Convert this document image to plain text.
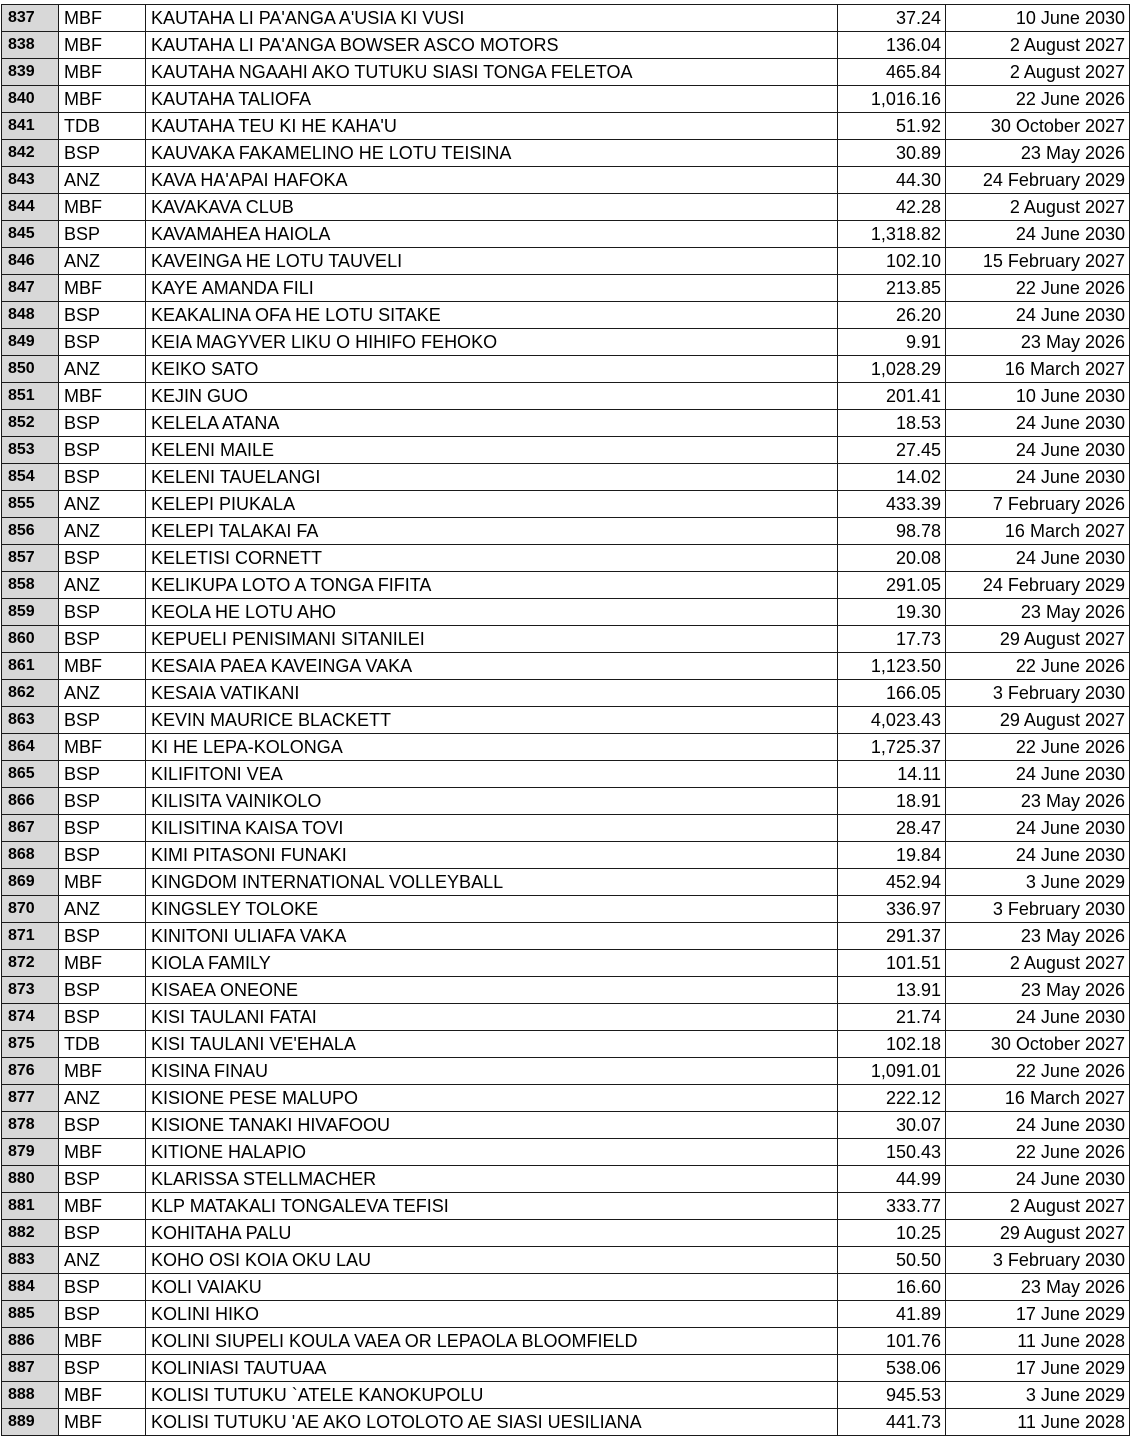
837	MBF	KAUTAHA LI PA'ANGA A'USIA KI VUSI	37.24	10 June 2030
838	MBF	KAUTAHA LI PA'ANGA BOWSER ASCO MOTORS	136.04	2 August 2027
839	MBF	KAUTAHA NGAAHI AKO TUTUKU SIASI TONGA FELETOA	465.84	2 August 2027
840	MBF	KAUTAHA TALIOFA	1,016.16	22 June 2026
841	TDB	KAUTAHA TEU KI HE KAHA'U	51.92	30 October 2027
842	BSP	KAUVAKA FAKAMELINO HE LOTU TEISINA	30.89	23 May 2026
843	ANZ	KAVA HA'APAI HAFOKA	44.30	24 February 2029
844	MBF	KAVAKAVA CLUB	42.28	2 August 2027
845	BSP	KAVAMAHEA HAIOLA	1,318.82	24 June 2030
846	ANZ	KAVEINGA HE LOTU TAUVELI	102.10	15 February 2027
847	MBF	KAYE AMANDA FILI	213.85	22 June 2026
848	BSP	KEAKALINA OFA HE LOTU SITAKE	26.20	24 June 2030
849	BSP	KEIA MAGYVER LIKU O HIHIFO FEHOKO	9.91	23 May 2026
850	ANZ	KEIKO SATO	1,028.29	16 March 2027
851	MBF	KEJIN GUO	201.41	10 June 2030
852	BSP	KELELA ATANA	18.53	24 June 2030
853	BSP	KELENI MAILE	27.45	24 June 2030
854	BSP	KELENI TAUELANGI	14.02	24 June 2030
855	ANZ	KELEPI PIUKALA	433.39	7 February 2026
856	ANZ	KELEPI TALAKAI FA	98.78	16 March 2027
857	BSP	KELETISI CORNETT	20.08	24 June 2030
858	ANZ	KELIKUPA LOTO A TONGA FIFITA	291.05	24 February 2029
859	BSP	KEOLA HE LOTU AHO	19.30	23 May 2026
860	BSP	KEPUELI PENISIMANI SITANILEI	17.73	29 August 2027
861	MBF	KESAIA PAEA KAVEINGA VAKA	1,123.50	22 June 2026
862	ANZ	KESAIA VATIKANI	166.05	3 February 2030
863	BSP	KEVIN MAURICE BLACKETT	4,023.43	29 August 2027
864	MBF	KI HE LEPA-KOLONGA	1,725.37	22 June 2026
865	BSP	KILIFITONI VEA	14.11	24 June 2030
866	BSP	KILISITA VAINIKOLO	18.91	23 May 2026
867	BSP	KILISITINA KAISA TOVI	28.47	24 June 2030
868	BSP	KIMI PITASONI FUNAKI	19.84	24 June 2030
869	MBF	KINGDOM INTERNATIONAL VOLLEYBALL	452.94	3 June 2029
870	ANZ	KINGSLEY TOLOKE	336.97	3 February 2030
871	BSP	KINITONI ULIAFA VAKA	291.37	23 May 2026
872	MBF	KIOLA FAMILY	101.51	2 August 2027
873	BSP	KISAEA ONEONE	13.91	23 May 2026
874	BSP	KISI TAULANI FATAI	21.74	24 June 2030
875	TDB	KISI TAULANI VE'EHALA	102.18	30 October 2027
876	MBF	KISINA FINAU	1,091.01	22 June 2026
877	ANZ	KISIONE PESE MALUPO	222.12	16 March 2027
878	BSP	KISIONE TANAKI HIVAFOOU	30.07	24 June 2030
879	MBF	KITIONE HALAPIO	150.43	22 June 2026
880	BSP	KLARISSA STELLMACHER	44.99	24 June 2030
881	MBF	KLP MATAKALI TONGALEVA TEFISI	333.77	2 August 2027
882	BSP	KOHITAHA PALU	10.25	29 August 2027
883	ANZ	KOHO OSI KOIA OKU LAU	50.50	3 February 2030
884	BSP	KOLI VAIAKU	16.60	23 May 2026
885	BSP	KOLINI HIKO	41.89	17 June 2029
886	MBF	KOLINI SIUPELI KOULA VAEA OR LEPAOLA BLOOMFIELD	101.76	11 June 2028
887	BSP	KOLINIASI TAUTUAA	538.06	17 June 2029
888	MBF	KOLISI TUTUKU `ATELE KANOKUPOLU	945.53	3 June 2029
889	MBF	KOLISI TUTUKU 'AE AKO LOTOLOTO AE SIASI UESILIANA	441.73	11 June 2028
